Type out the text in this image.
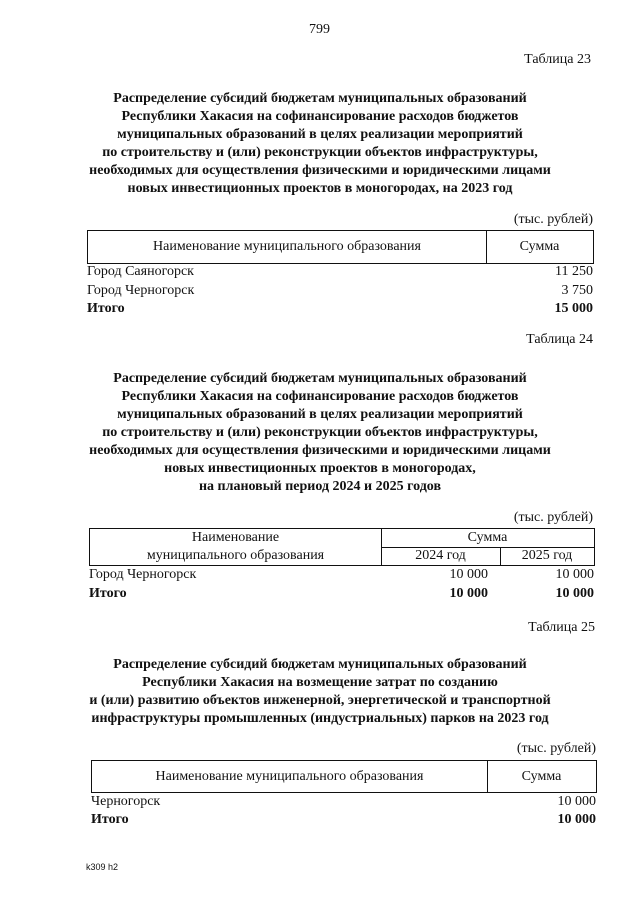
799
Таблица 23
Распределение субсидий бюджетам муниципальных образований
Республики Хакасия на софинансирование расходов бюджетов
муниципальных образований в целях реализации мероприятий
по строительству и (или) реконструкции объектов инфраструктуры,
необходимых для осуществления физическими и юридическими лицами
новых инвестиционных проектов в моногородах, на 2023 год
(тыс. рублей)
Наименование муниципального образования	Сумма
Город Саяногорск	11 250
Город Черногорск	3 750
Итого	15 000
Таблица 24
Распределение субсидий бюджетам муниципальных образований
Республики Хакасия на софинансирование расходов бюджетов
муниципальных образований в целях реализации мероприятий
по строительству и (или) реконструкции объектов инфраструктуры,
необходимых для осуществления физическими и юридическими лицами
новых инвестиционных проектов в моногородах,
на плановый период 2024 и 2025 годов
(тыс. рублей)
Наименование
муниципального образования
Сумма
2024 год	2025 год
Город Черногорск	10 000	10 000
Итого	10 000	10 000
Таблица 25
Распределение субсидий бюджетам муниципальных образований
Республики Хакасия на возмещение затрат по созданию
и (или) развитию объектов инженерной, энергетической и транспортной
инфраструктуры промышленных (индустриальных) парков на 2023 год
(тыс. рублей)
Наименование муниципального образования	Сумма
Черногорск	10 000
Итого	10 000
k309 h2
